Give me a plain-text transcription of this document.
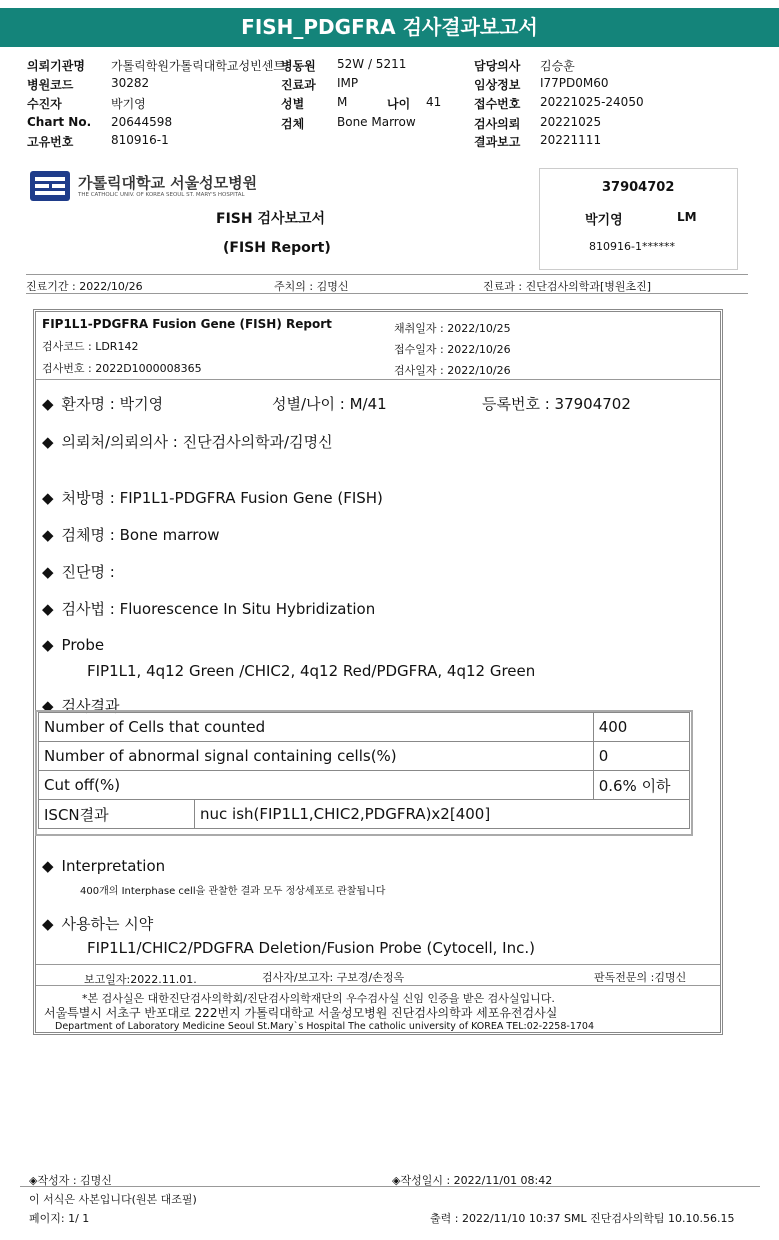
FISH_PDGFRA 검사결과보고서
의뢰기관명 가톨릭학원가톨릭대학교성빈센트
병원코드	30282
수진자	박기영
Chart No. 20644598
고유번호	810916-1
병동원 52W / 5211
진료과 IMP
성별	M	나이 41
검체	Bone Marrow
담당의사 김승훈
임상정보 I77PD0M60
접수번호 20221025-24050
검사의뢰 20221025
결과보고 20221111
가톨릭대학교 서울성모병원
THE CATHOLIC UNIV. OF KOREA SEOUL ST. MARY'S HOSPITAL
FISH 검사보고서
(FISH Report)
37904702
박기영	LM
810916-1******
진료기간 : 2022/10/26	주치의 : 김명신	진료과 : 진단검사의학과[병원초진]
FIP1L1-PDGFRA Fusion Gene (FISH) Report
검사코드 : LDR142
검사번호 : 2022D1000008365
채취일자 : 2022/10/25
접수일자 : 2022/10/26
검사일자 : 2022/10/26
◆ 환자명 : 박기영	성별/나이 : M/41	등록번호 : 37904702
◆ 의뢰처/의뢰의사 : 진단검사의학과/김명신
◆ 처방명 : FIP1L1-PDGFRA Fusion Gene (FISH)
◆ 검체명 : Bone marrow
◆ 진단명 :
◆ 검사법 : Fluorescence In Situ Hybridization
◆ Probe
FIP1L1, 4q12 Green /CHIC2, 4q12 Red/PDGFRA, 4q12 Green
◆ 검사결과
Number of Cells that counted		400
Number of abnormal signal containing cells(%)		0
Cut off(%)		0.6% 이하
ISCN결과	nuc ish(FIP1L1,CHIC2,PDGFRA)x2[400]	
◆ Interpretation
400개의 Interphase cell을 관찰한 결과 모두 정상세포로 관찰됩니다
◆ 사용하는 시약
FIP1L1/CHIC2/PDGFRA Deletion/Fusion Probe (Cytocell, Inc.)
보고일자:2022.11.01.	검사자/보고자: 구보경/손정옥	판독전문의 :김명신
*본 검사실은 대한진단검사의학회/진단검사의학재단의 우수검사실 신임 인증을 받은 검사실입니다.
서울특별시 서초구 반포대로 222번지 가톨릭대학교 서울성모병원 진단검사의학과 세포유전검사실
Department of Laboratory Medicine Seoul St.Mary`s Hospital The catholic university of KOREA TEL:02-2258-1704
◈작성자 : 김명신	◈작성일시 : 2022/11/01 08:42
이 서식은 사본입니다(원본 대조필)
페이지: 1/ 1	출력 : 2022/11/10 10:37 SML 진단검사의학팀 10.10.56.15
